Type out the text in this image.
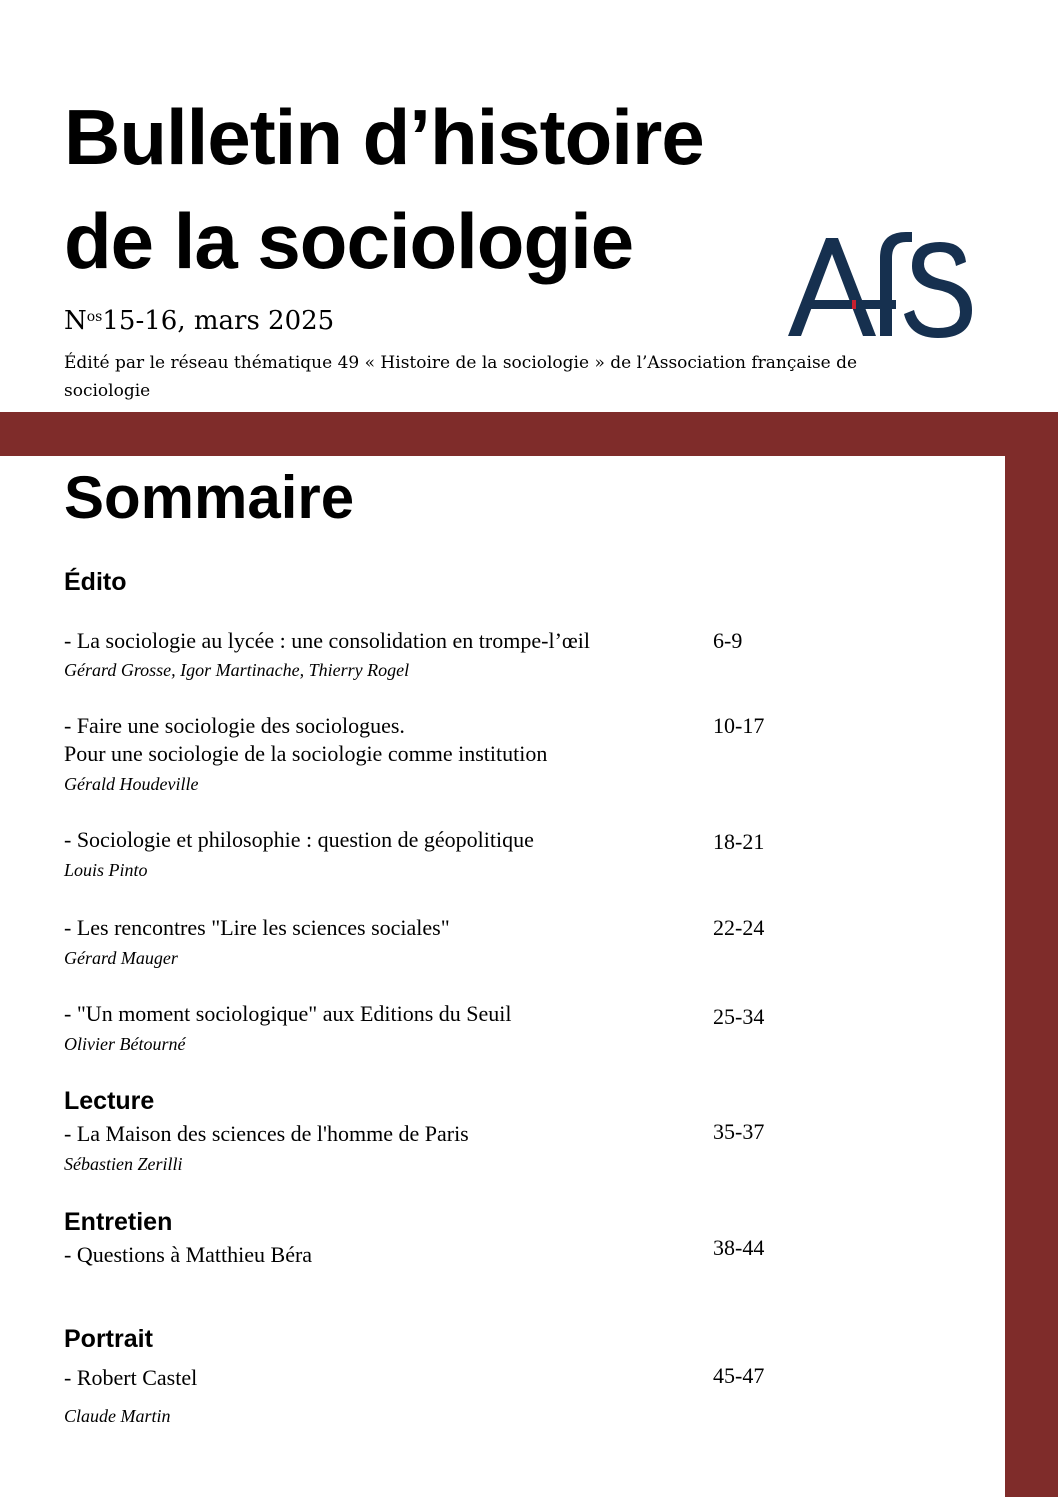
Bulletin d’histoire
de la sociologie
$N^{os}15-16$, mars 2025
Édité par le réseau thématique 49 « Histoire de la sociologie » de l’Association française de sociologie
Sommaire
Édito
- La sociologie au lycée : une consolidation en trompe-l’œil	6-9
Gérard Grosse, Igor Martinache, Thierry Rogel
- Faire une sociologie des sociologues.
Pour une sociologie de la sociologie comme institution
10-17
Gérald Houdeville
- Sociologie et philosophie : question de géopolitique	18-21
Louis Pinto
- Les rencontres "Lire les sciences sociales"	22-24
Gérard Mauger
- "Un moment sociologique" aux Editions du Seuil	25-34
Olivier Bétourné
Lecture
- La Maison des sciences de l'homme de Paris	35-37
Sébastien Zerilli
Entretien
- Questions à Matthieu Béra	38-44
Portrait
- Robert Castel	45-47
Claude Martin
